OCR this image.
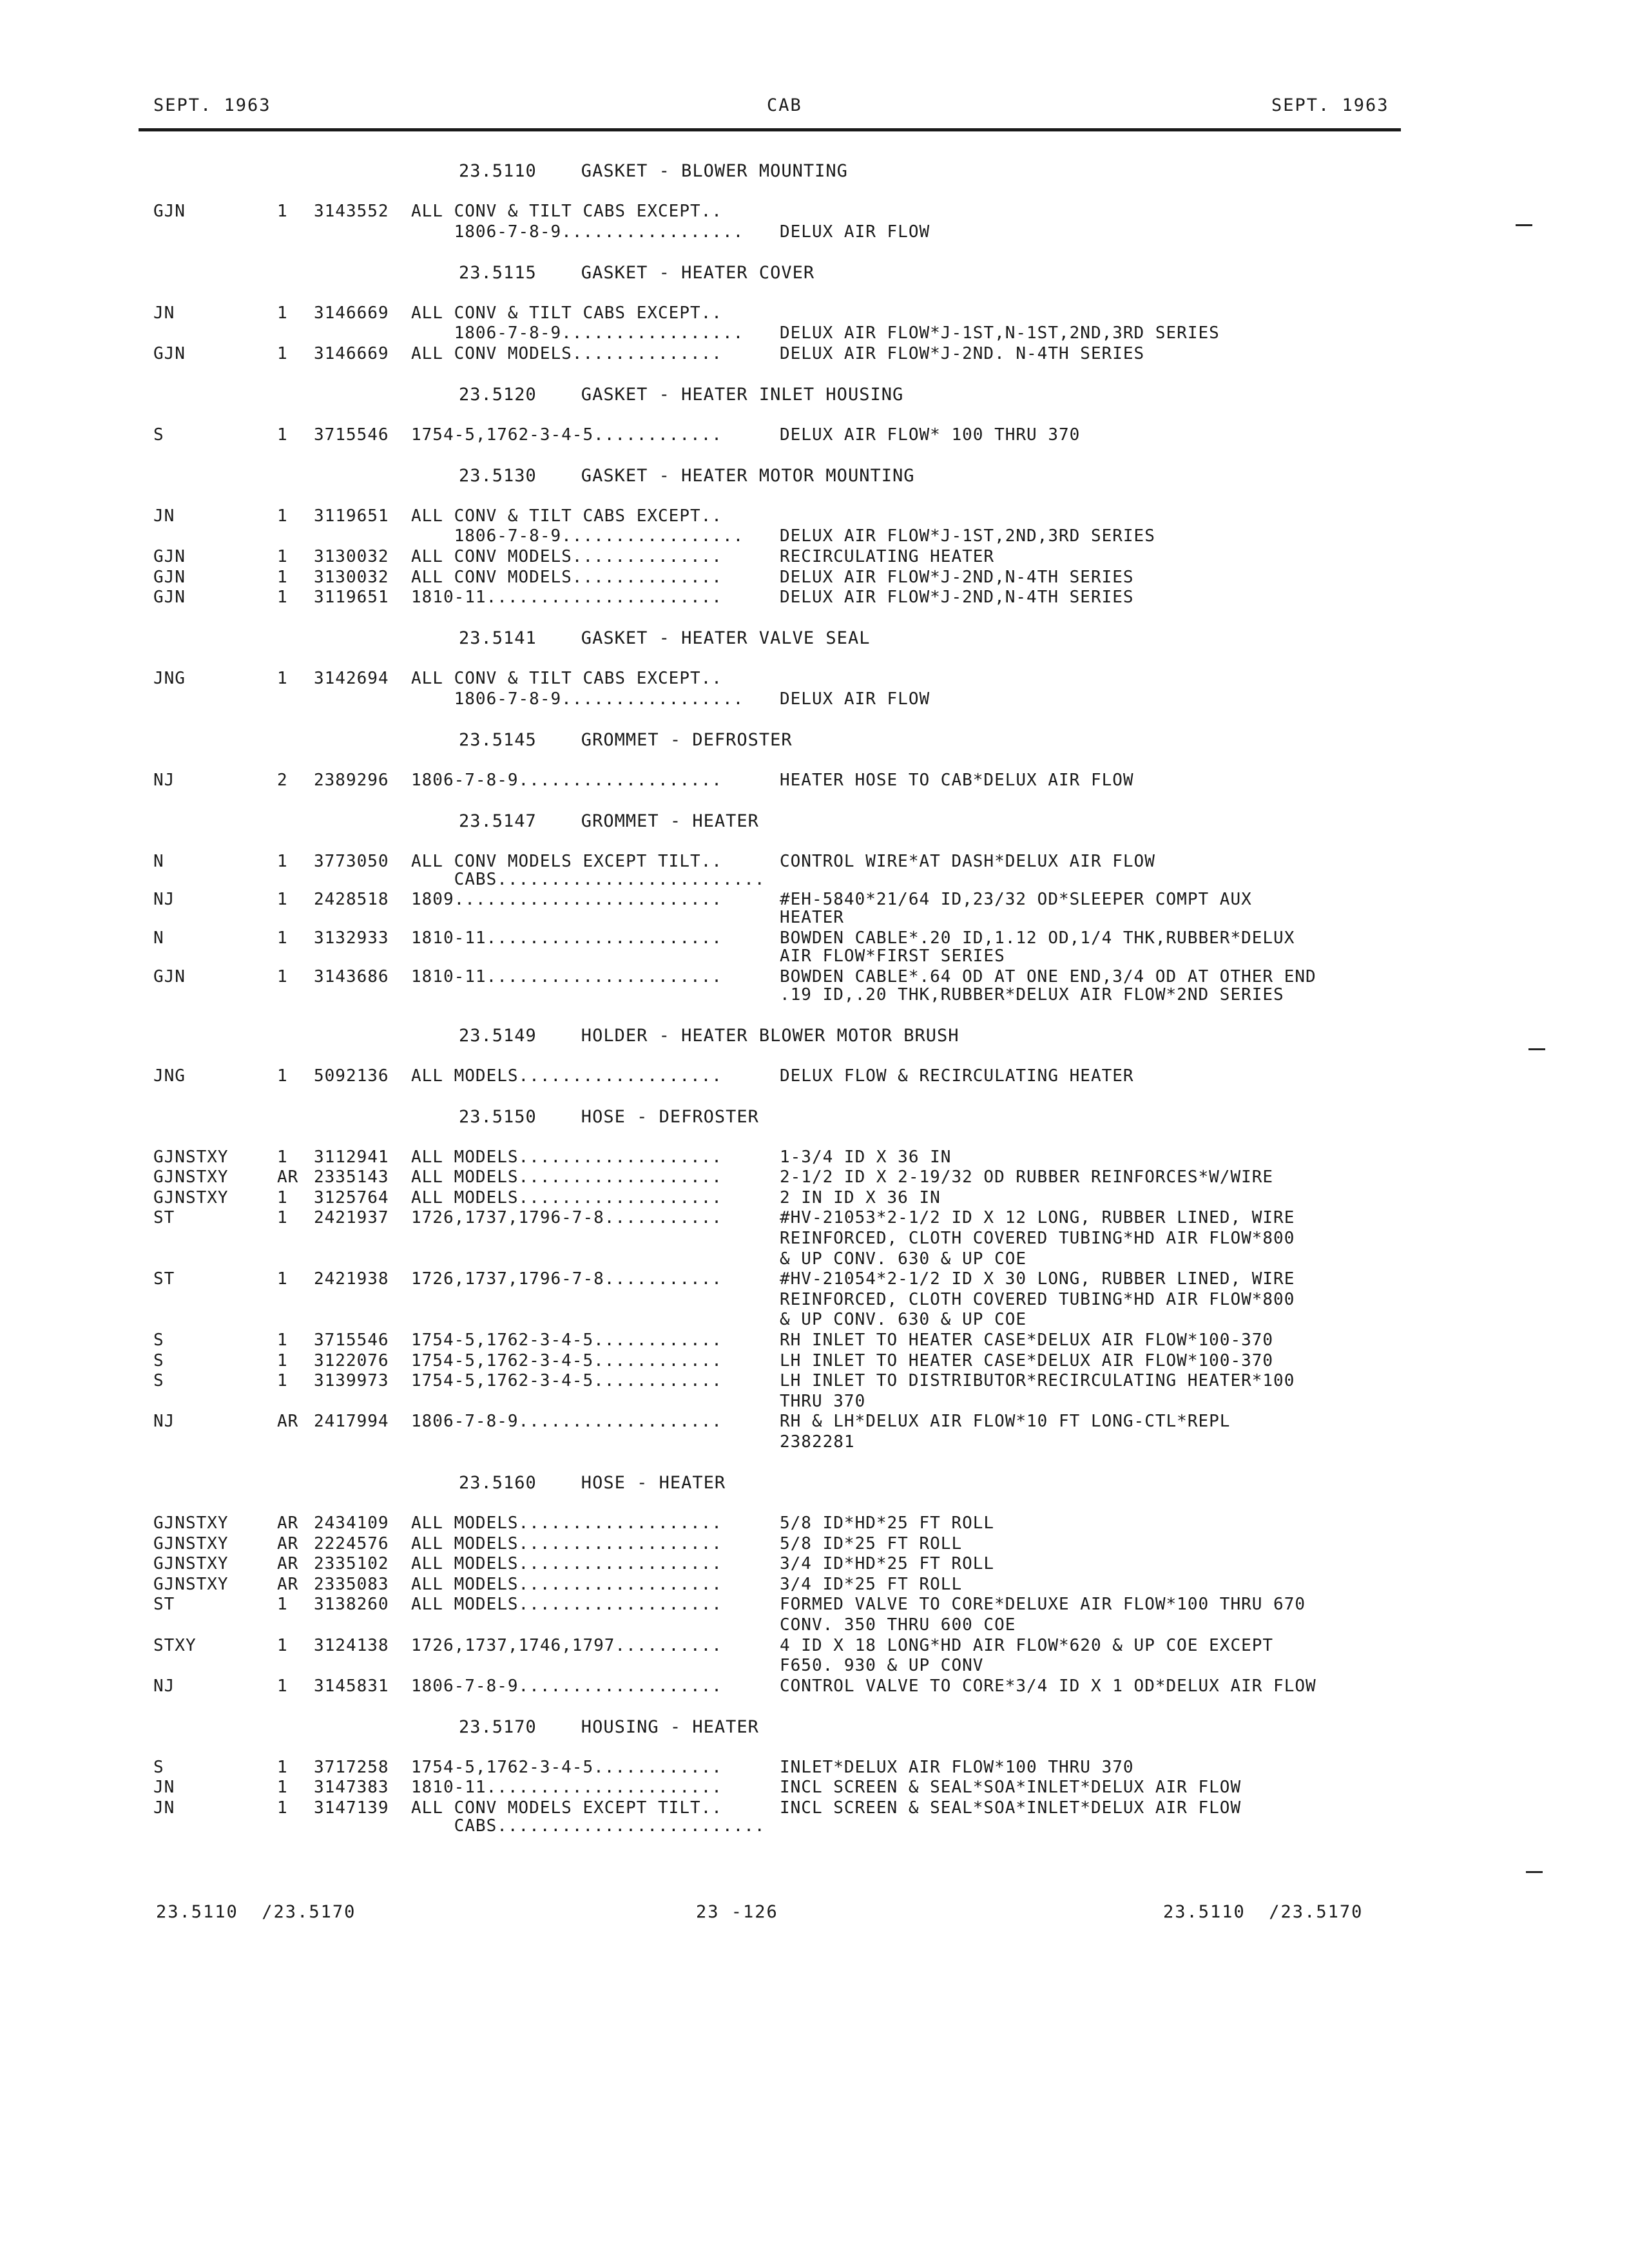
SEPT. 1963	CAB	SEPT. 1963
23.5110    GASKET - BLOWER MOUNTING
GJN	1 3143552 ALL CONV & TILT CABS EXCEPT..
1806-7-8-9................. DELUX AIR FLOW
23.5115    GASKET - HEATER COVER
JN	1 3146669 ALL CONV & TILT CABS EXCEPT..
1806-7-8-9................. DELUX AIR FLOW*J-1ST,N-1ST,2ND,3RD SERIES
GJN	1 3146669 ALL CONV MODELS..............	DELUX AIR FLOW*J-2ND. N-4TH SERIES
23.5120    GASKET - HEATER INLET HOUSING
S	1 3715546 1754-5,1762-3-4-5............	DELUX AIR FLOW* 100 THRU 370
23.5130    GASKET - HEATER MOTOR MOUNTING
JN	1 3119651 ALL CONV & TILT CABS EXCEPT..
1806-7-8-9................. DELUX AIR FLOW*J-1ST,2ND,3RD SERIES
GJN	1 3130032 ALL CONV MODELS..............	RECIRCULATING HEATER
GJN	1 3130032 ALL CONV MODELS..............	DELUX AIR FLOW*J-2ND,N-4TH SERIES
GJN	1 3119651 1810-11......................	DELUX AIR FLOW*J-2ND,N-4TH SERIES
23.5141    GASKET - HEATER VALVE SEAL
JNG	1 3142694 ALL CONV & TILT CABS EXCEPT..
1806-7-8-9................. DELUX AIR FLOW
23.5145    GROMMET - DEFROSTER
NJ	2 2389296 1806-7-8-9...................	HEATER HOSE TO CAB*DELUX AIR FLOW
23.5147    GROMMET - HEATER
N	1 3773050 ALL CONV MODELS EXCEPT TILT..	CONTROL WIRE*AT DASH*DELUX AIR FLOW
CABS.........................
NJ	1 2428518 1809.........................	#EH-5840*21/64 ID,23/32 OD*SLEEPER COMPT AUX
HEATER
N	1 3132933 1810-11......................	BOWDEN CABLE*.20 ID,1.12 OD,1/4 THK,RUBBER*DELUX
AIR FLOW*FIRST SERIES
GJN	1 3143686 1810-11......................	BOWDEN CABLE*.64 OD AT ONE END,3/4 OD AT OTHER END
.19 ID,.20 THK,RUBBER*DELUX AIR FLOW*2ND SERIES
23.5149    HOLDER - HEATER BLOWER MOTOR BRUSH
JNG	1 5092136 ALL MODELS...................	DELUX FLOW & RECIRCULATING HEATER
23.5150    HOSE - DEFROSTER
GJNSTXY	1 3112941 ALL MODELS...................	1-3/4 ID X 36 IN
GJNSTXY	AR 2335143 ALL MODELS...................	2-1/2 ID X 2-19/32 OD RUBBER REINFORCES*W/WIRE
GJNSTXY	1 3125764 ALL MODELS...................	2 IN ID X 36 IN
ST	1 2421937 1726,1737,1796-7-8...........	#HV-21053*2-1/2 ID X 12 LONG, RUBBER LINED, WIRE
REINFORCED, CLOTH COVERED TUBING*HD AIR FLOW*800
& UP CONV. 630 & UP COE
ST	1 2421938 1726,1737,1796-7-8...........	#HV-21054*2-1/2 ID X 30 LONG, RUBBER LINED, WIRE
REINFORCED, CLOTH COVERED TUBING*HD AIR FLOW*800
& UP CONV. 630 & UP COE
S	1 3715546 1754-5,1762-3-4-5............	RH INLET TO HEATER CASE*DELUX AIR FLOW*100-370
S	1 3122076 1754-5,1762-3-4-5............	LH INLET TO HEATER CASE*DELUX AIR FLOW*100-370
S	1 3139973 1754-5,1762-3-4-5............	LH INLET TO DISTRIBUTOR*RECIRCULATING HEATER*100
THRU 370
NJ	AR 2417994 1806-7-8-9...................	RH & LH*DELUX AIR FLOW*10 FT LONG-CTL*REPL
2382281
23.5160    HOSE - HEATER
GJNSTXY	AR 2434109 ALL MODELS...................	5/8 ID*HD*25 FT ROLL
GJNSTXY	AR 2224576 ALL MODELS...................	5/8 ID*25 FT ROLL
GJNSTXY	AR 2335102 ALL MODELS...................	3/4 ID*HD*25 FT ROLL
GJNSTXY	AR 2335083 ALL MODELS...................	3/4 ID*25 FT ROLL
ST	1 3138260 ALL MODELS...................	FORMED VALVE TO CORE*DELUXE AIR FLOW*100 THRU 670
CONV. 350 THRU 600 COE
STXY	1 3124138 1726,1737,1746,1797..........	4 ID X 18 LONG*HD AIR FLOW*620 & UP COE EXCEPT
F650. 930 & UP CONV
NJ	1 3145831 1806-7-8-9...................	CONTROL VALVE TO CORE*3/4 ID X 1 OD*DELUX AIR FLOW
23.5170    HOUSING - HEATER
S	1 3717258 1754-5,1762-3-4-5............	INLET*DELUX AIR FLOW*100 THRU 370
JN	1 3147383 1810-11......................	INCL SCREEN & SEAL*SOA*INLET*DELUX AIR FLOW
JN	1 3147139 ALL CONV MODELS EXCEPT TILT..	INCL SCREEN & SEAL*SOA*INLET*DELUX AIR FLOW
CABS.........................
23.5110  /23.5170	23 -126	23.5110  /23.5170
